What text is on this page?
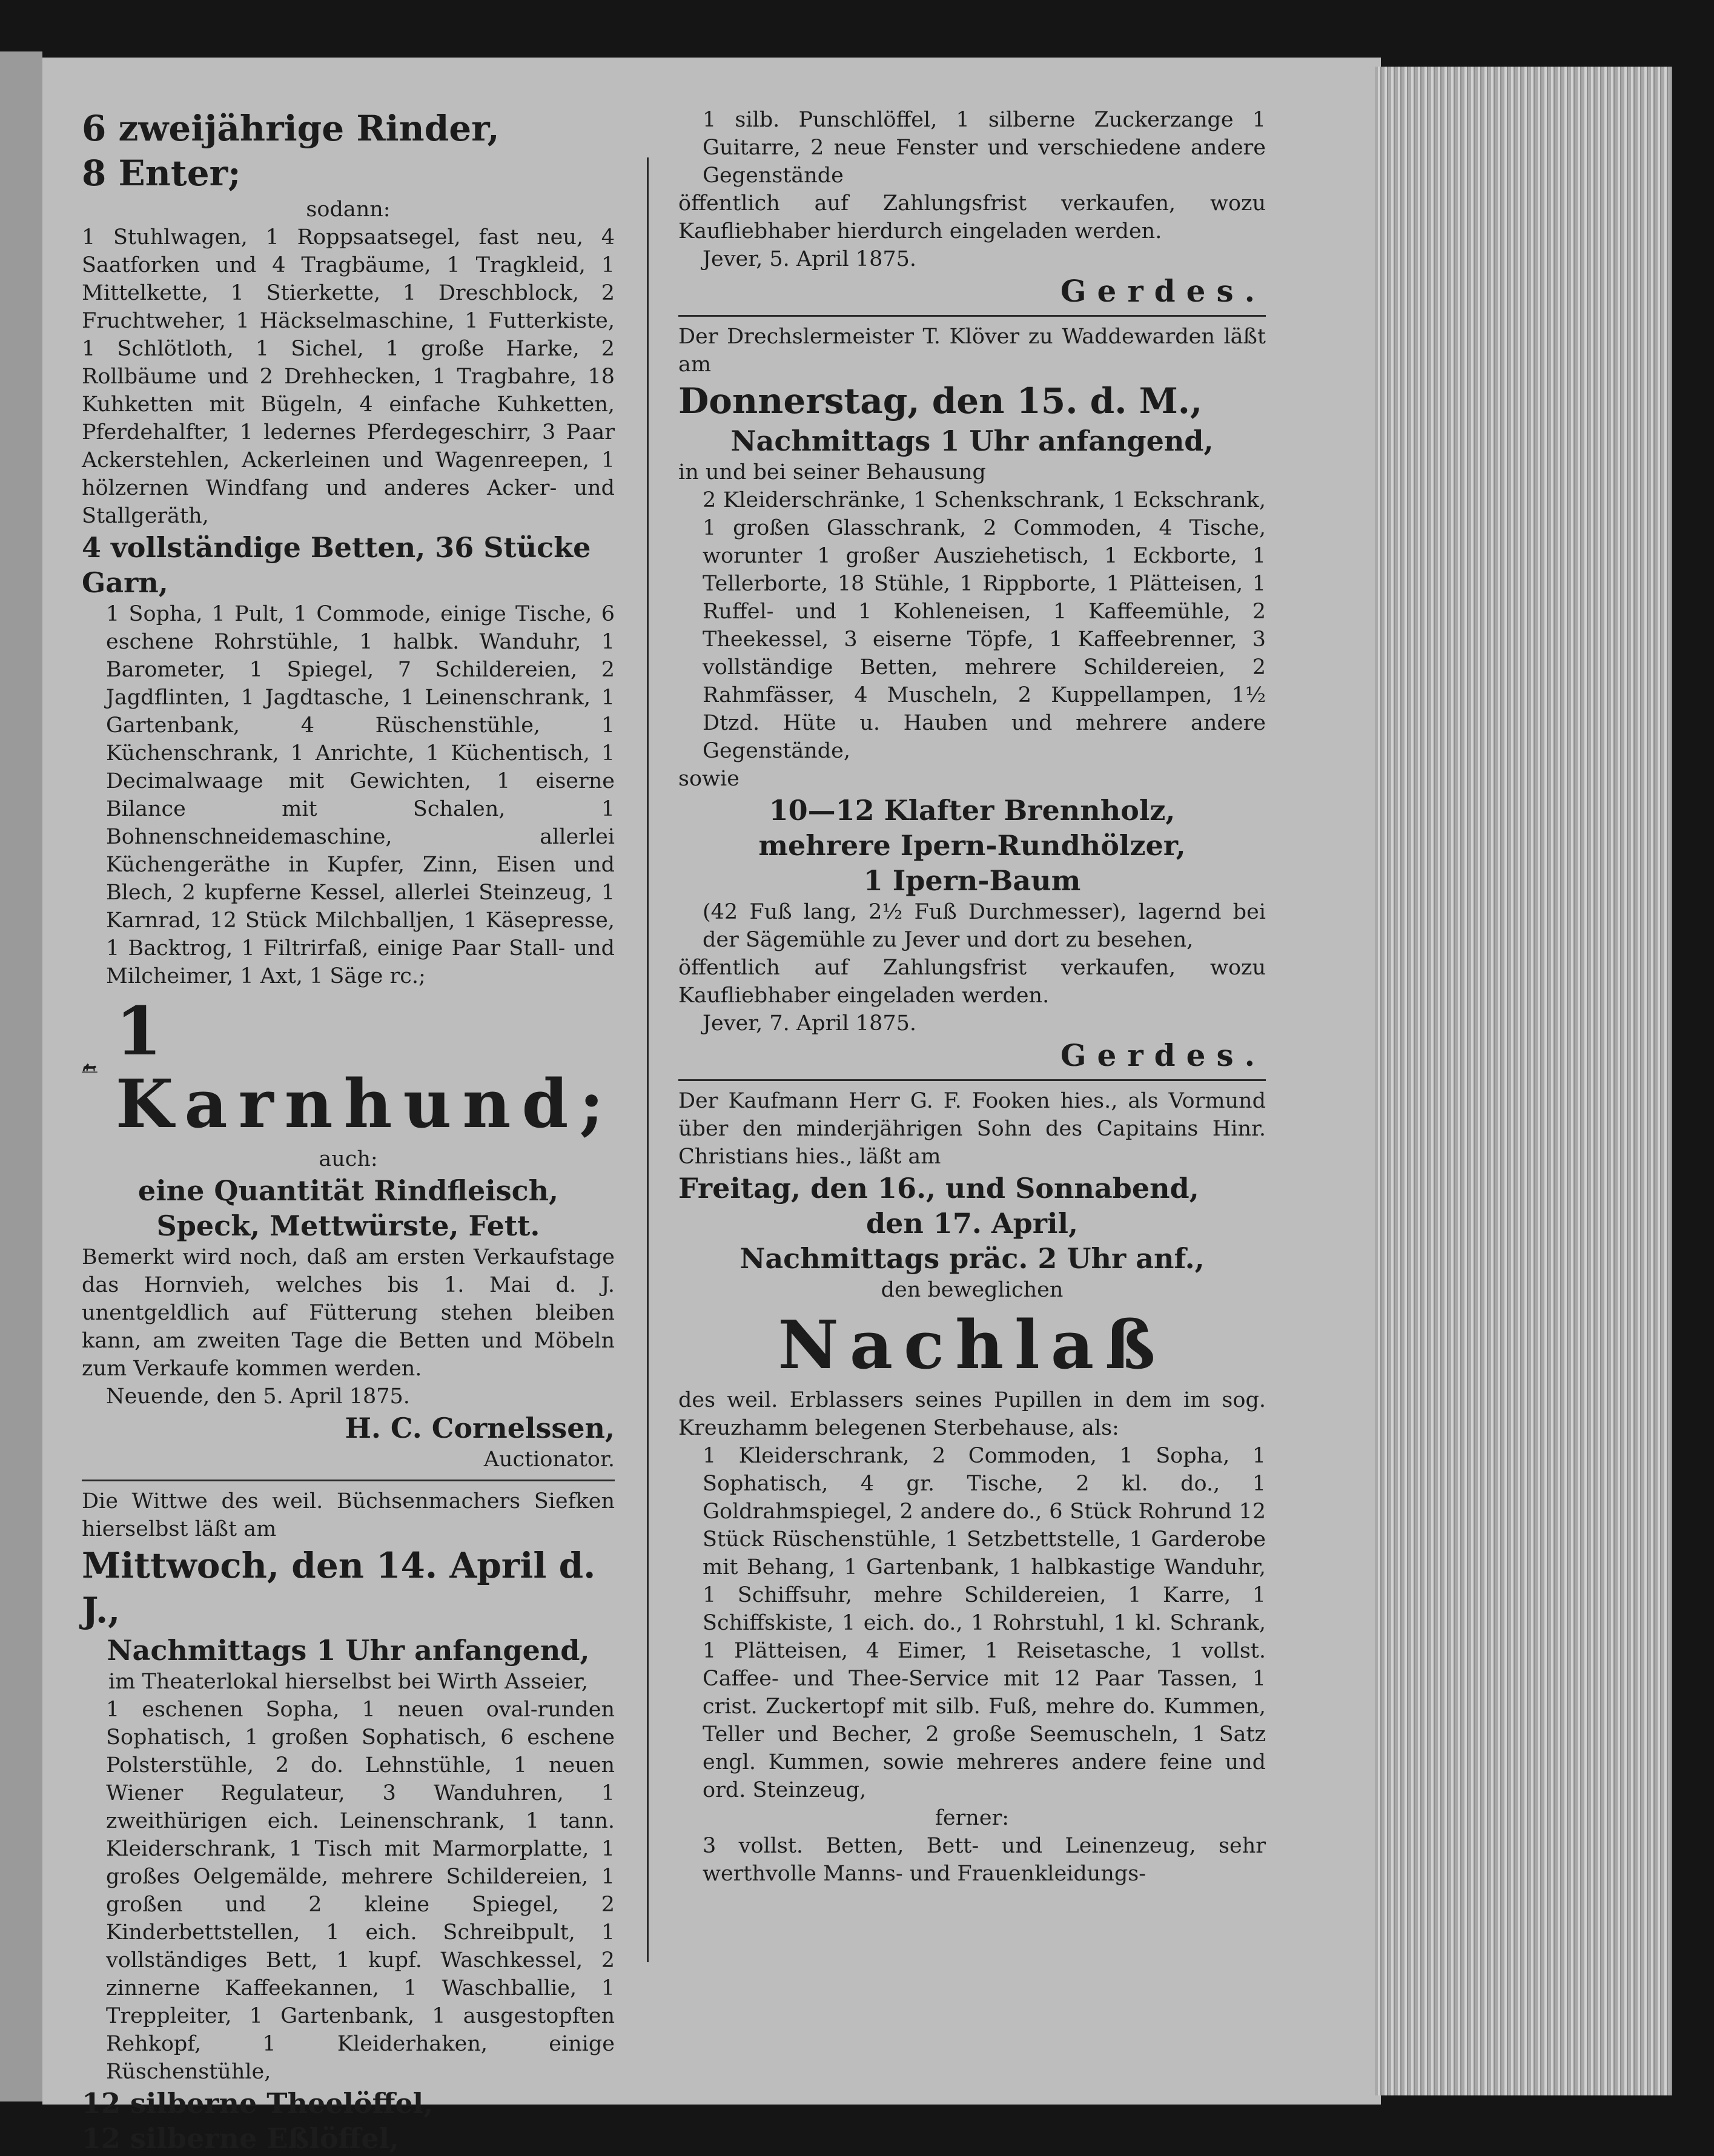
6 zweijährige Rinder,

8 Enter;

sodann:

1 Stuhlwagen, 1 Roppsaatsegel, fast neu, 4 Saatforken und 4 Tragbäume, 1 Tragkleid, 1 Mittelkette, 1 Stierkette, 1 Dreschblock, 2 Fruchtweher, 1 Häckselmaschine, 1 Futterkiste, 1 Schlötloth, 1 Sichel, 1 große Harke, 2 Rollbäume und 2 Drehhecken, 1 Tragbahre, 18 Kuhketten mit Bügeln, 4 einfache Kuhketten, Pferdehalfter, 1 ledernes Pferdegeschirr, 3 Paar Ackerstehlen, Ackerleinen und Wagenreepen, 1 hölzernen Windfang und anderes Acker- und Stallgeräth,

4 vollständige Betten, 36 Stücke Garn,

1 Sopha, 1 Pult, 1 Commode, einige Tische, 6 eschene Rohrstühle, 1 halbk. Wanduhr, 1 Barometer, 1 Spiegel, 7 Schildereien, 2 Jagdflinten, 1 Jagdtasche, 1 Leinenschrank, 1 Gartenbank, 4 Rüschenstühle, 1 Küchenschrank, 1 Anrichte, 1 Küchentisch, 1 Decimalwaage mit Gewichten, 1 eiserne Bilance mit Schalen, 1 Bohnenschneidemaschine, allerlei Küchengeräthe in Kupfer, Zinn, Eisen und Blech, 2 kupferne Kessel, allerlei Steinzeug, 1 Karnrad, 12 Stück Milchballjen, 1 Käsepresse, 1 Backtrog, 1 Filtrirfaß, einige Paar Stall- und Milcheimer, 1 Axt, 1 Säge rc.;

1 Karnhund;

auch:

eine Quantität Rindfleisch, Speck, Mettwürste, Fett.

Bemerkt wird noch, daß am ersten Verkaufstage das Hornvieh, welches bis 1. Mai d. J. unentgeldlich auf Fütterung stehen bleiben kann, am zweiten Tage die Betten und Möbeln zum Verkaufe kommen werden.

Neuende, den 5. April 1875.

H. C. Cornelssen,

Auctionator.

Die Wittwe des weil. Büchsenmachers Siefken hierselbst läßt am

Mittwoch, den 14. April d. J.,

Nachmittags 1 Uhr anfangend,

im Theaterlokal hierselbst bei Wirth Asseier,

1 eschenen Sopha, 1 neuen oval-runden Sophatisch, 1 großen Sophatisch, 6 eschene Polsterstühle, 2 do. Lehnstühle, 1 neuen Wiener Regulateur, 3 Wanduhren, 1 zweithürigen eich. Leinenschrank, 1 tann. Kleiderschrank, 1 Tisch mit Marmorplatte, 1 großes Oelgemälde, mehrere Schildereien, 1 großen und 2 kleine Spiegel, 2 Kinderbettstellen, 1 eich. Schreibpult, 1 vollständiges Bett, 1 kupf. Waschkessel, 2 zinnerne Kaffeekannen, 1 Waschballie, 1 Treppleiter, 1 Gartenbank, 1 ausgestopften Rehkopf, 1 Kleiderhaken, einige Rüschenstühle,

12 silberne Theelöffel,

12 silberne Eßlöffel,

1 silb. Punschlöffel, 1 silberne Zuckerzange 1 Guitarre, 2 neue Fenster und verschiedene andere Gegenstände

öffentlich auf Zahlungsfrist verkaufen, wozu Kaufliebhaber hierdurch eingeladen werden.

Jever, 5. April 1875.

Gerdes.

Der Drechslermeister T. Klöver zu Waddewarden läßt am

Donnerstag, den 15. d. M.,

Nachmittags 1 Uhr anfangend,

in und bei seiner Behausung

2 Kleiderschränke, 1 Schenkschrank, 1 Eckschrank, 1 großen Glasschrank, 2 Commoden, 4 Tische, worunter 1 großer Ausziehetisch, 1 Eckborte, 1 Tellerborte, 18 Stühle, 1 Rippborte, 1 Plätteisen, 1 Ruffel- und 1 Kohleneisen, 1 Kaffeemühle, 2 Theekessel, 3 eiserne Töpfe, 1 Kaffeebrenner, 3 vollständige Betten, mehrere Schildereien, 2 Rahmfässer, 4 Muscheln, 2 Kuppellampen, 1½ Dtzd. Hüte u. Hauben und mehrere andere Gegenstände,

sowie

10—12 Klafter Brennholz,

mehrere Ipern-Rundhölzer,

1 Ipern-Baum

(42 Fuß lang, 2½ Fuß Durchmesser), lagernd bei der Sägemühle zu Jever und dort zu besehen,

öffentlich auf Zahlungsfrist verkaufen, wozu Kaufliebhaber eingeladen werden.

Jever, 7. April 1875.

Gerdes.

Der Kaufmann Herr G. F. Fooken hies., als Vormund über den minderjährigen Sohn des Capitains Hinr. Christians hies., läßt am

Freitag, den 16., und Sonnabend,

den 17. April,

Nachmittags präc. 2 Uhr anf.,

den beweglichen

Nachlaß

des weil. Erblassers seines Pupillen in dem im sog. Kreuzhamm belegenen Sterbehause, als:

1 Kleiderschrank, 2 Commoden, 1 Sopha, 1 Sophatisch, 4 gr. Tische, 2 kl. do., 1 Goldrahmspiegel, 2 andere do., 6 Stück Rohrund 12 Stück Rüschenstühle, 1 Setzbettstelle, 1 Garderobe mit Behang, 1 Gartenbank, 1 halbkastige Wanduhr, 1 Schiffsuhr, mehre Schildereien, 1 Karre, 1 Schiffskiste, 1 eich. do., 1 Rohrstuhl, 1 kl. Schrank, 1 Plätteisen, 4 Eimer, 1 Reisetasche, 1 vollst. Caffee- und Thee-Service mit 12 Paar Tassen, 1 crist. Zuckertopf mit silb. Fuß, mehre do. Kummen, Teller und Becher, 2 große Seemuscheln, 1 Satz engl. Kummen, sowie mehreres andere feine und ord. Steinzeug,

ferner:

3 vollst. Betten, Bett- und Leinenzeug, sehr werthvolle Manns- und Frauenkleidungs-
